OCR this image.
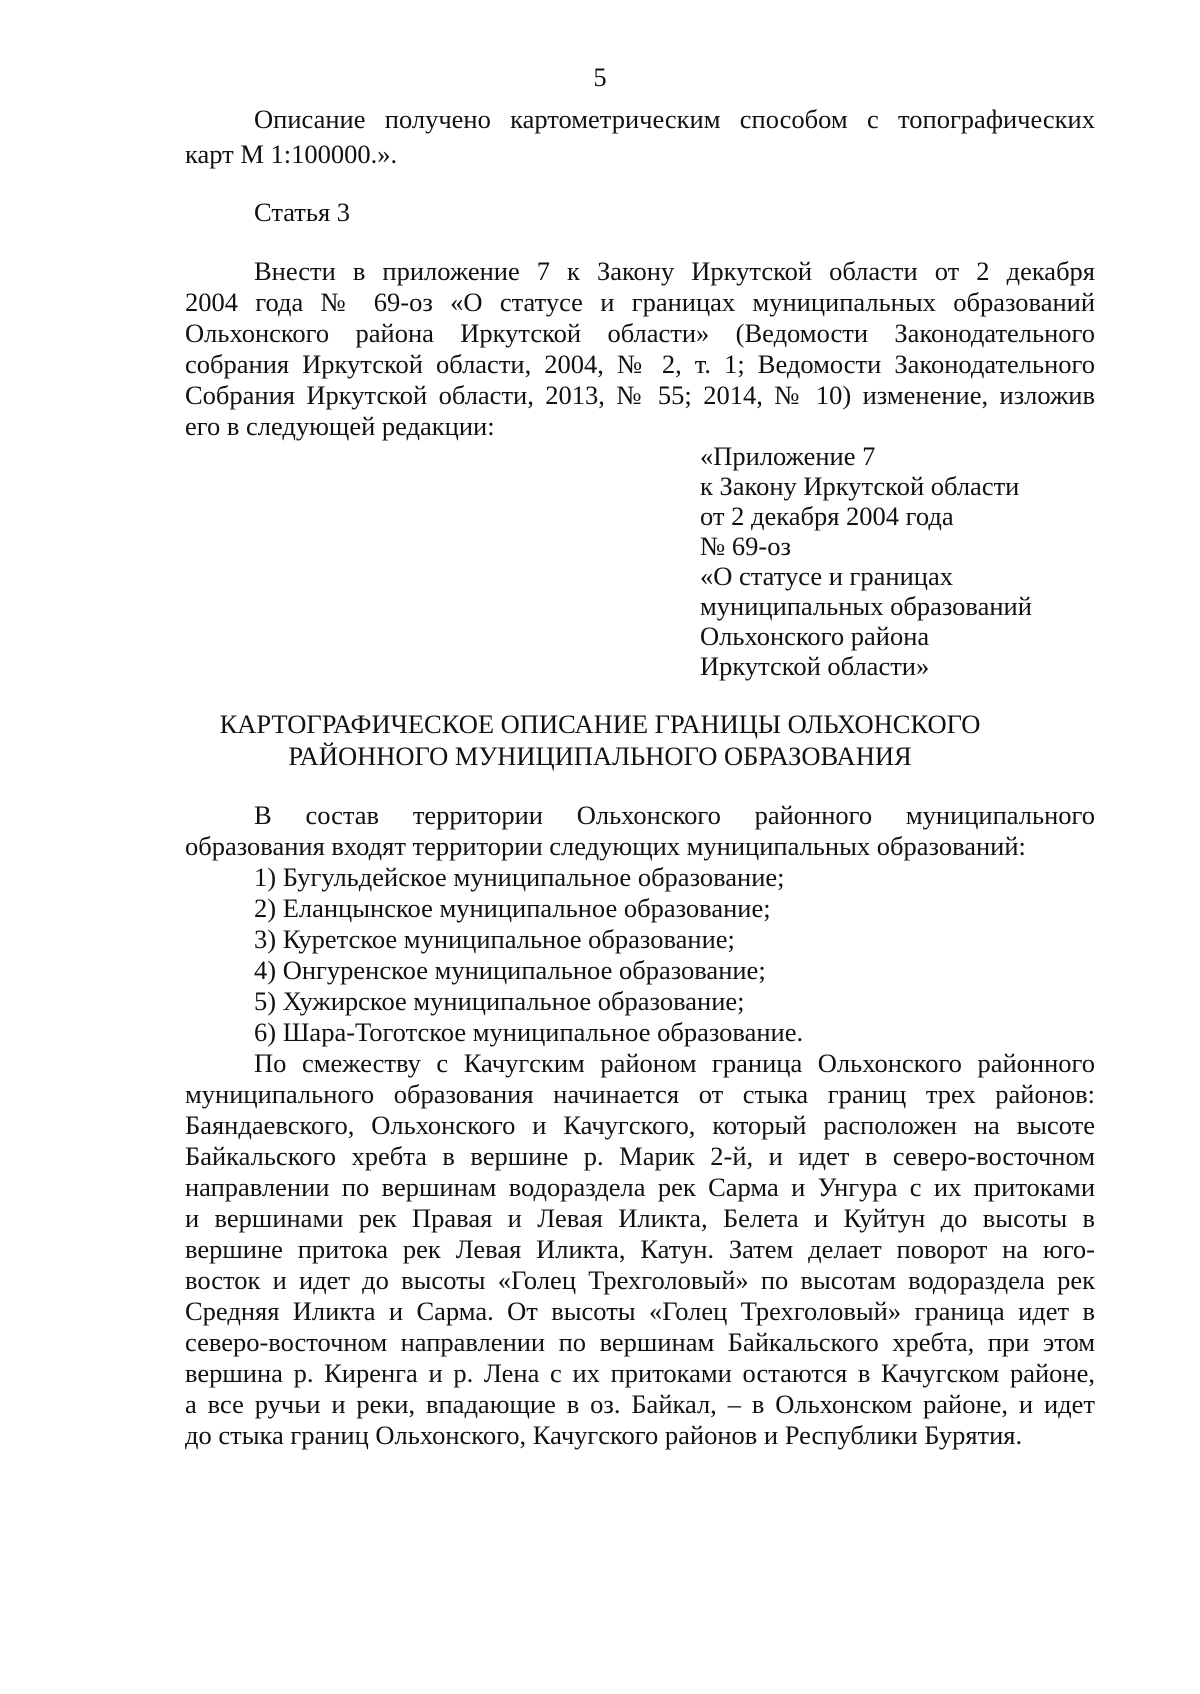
5
Описание получено картометрическим способом с топографических
карт М 1:100000.».
Статья 3
Внести в приложение 7 к Закону Иркутской области от 2 декабря
2004 года № 69-оз «О статусе и границах муниципальных образований
Ольхонского района Иркутской области» (Ведомости Законодательного
собрания Иркутской области, 2004, № 2, т. 1; Ведомости Законодательного
Собрания Иркутской области, 2013, № 55; 2014, № 10) изменение, изложив
его в следующей редакции:
«Приложение 7
к Закону Иркутской области
от 2 декабря 2004 года
№ 69-оз
«О статусе и границах
муниципальных образований
Ольхонского района
Иркутской области»
КАРТОГРАФИЧЕСКОЕ ОПИСАНИЕ ГРАНИЦЫ ОЛЬХОНСКОГО
РАЙОННОГО МУНИЦИПАЛЬНОГО ОБРАЗОВАНИЯ
В состав территории Ольхонского районного муниципального
образования входят территории следующих муниципальных образований:
1) Бугульдейское муниципальное образование;
2) Еланцынское муниципальное образование;
3) Куретское муниципальное образование;
4) Онгуренское муниципальное образование;
5) Хужирское муниципальное образование;
6) Шара-Тоготское муниципальное образование.
По смежеству с Качугским районом граница Ольхонского районного
муниципального образования начинается от стыка границ трех районов:
Баяндаевского, Ольхонского и Качугского, который расположен на высоте
Байкальского хребта в вершине р. Марик 2-й, и идет в северо-восточном
направлении по вершинам водораздела рек Сарма и Унгура с их притоками
и вершинами рек Правая и Левая Иликта, Белета и Куйтун до высоты в
вершине притока рек Левая Иликта, Катун. Затем делает поворот на юго-
восток и идет до высоты «Голец Трехголовый» по высотам водораздела рек
Средняя Иликта и Сарма. От высоты «Голец Трехголовый» граница идет в
северо-восточном направлении по вершинам Байкальского хребта, при этом
вершина р. Киренга и р. Лена с их притоками остаются в Качугском районе,
а все ручьи и реки, впадающие в оз. Байкал, – в Ольхонском районе, и идет
до стыка границ Ольхонского, Качугского районов и Республики Бурятия.
